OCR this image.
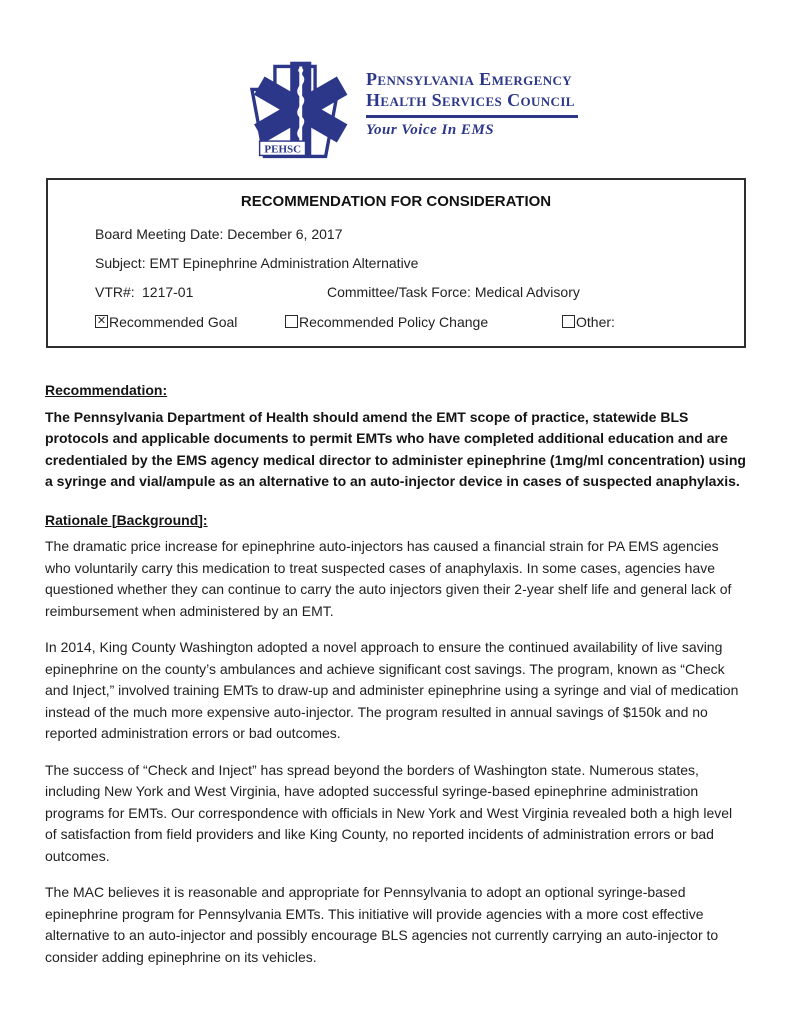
PEHSC
Pennsylvania Emergency
Health Services Council
Your Voice In EMS
RECOMMENDATION FOR CONSIDERATION
Board Meeting Date: December 6, 2017
Subject: EMT Epinephrine Administration Alternative
VTR#: 1217-01	Committee/Task Force: Medical Advisory
✕Recommended Goal	Recommended Policy Change	Other:
Recommendation:

The Pennsylvania Department of Health should amend the EMT scope of practice, statewide BLS protocols and applicable documents to permit EMTs who have completed additional education and are credentialed by the EMS agency medical director to administer epinephrine (1mg/ml concentration) using a syringe and vial/ampule as an alternative to an auto-injector device in cases of suspected anaphylaxis.

Rationale [Background]:

The dramatic price increase for epinephrine auto-injectors has caused a financial strain for PA EMS agencies who voluntarily carry this medication to treat suspected cases of anaphylaxis. In some cases, agencies have questioned whether they can continue to carry the auto injectors given their 2-year shelf life and general lack of reimbursement when administered by an EMT.

In 2014, King County Washington adopted a novel approach to ensure the continued availability of live saving epinephrine on the county’s ambulances and achieve significant cost savings. The program, known as “Check and Inject,” involved training EMTs to draw-up and administer epinephrine using a syringe and vial of medication instead of the much more expensive auto-injector. The program resulted in annual savings of $150k and no reported administration errors or bad outcomes.

The success of “Check and Inject” has spread beyond the borders of Washington state. Numerous states, including New York and West Virginia, have adopted successful syringe-based epinephrine administration programs for EMTs. Our correspondence with officials in New York and West Virginia revealed both a high level of satisfaction from field providers and like King County, no reported incidents of administration errors or bad outcomes.

The MAC believes it is reasonable and appropriate for Pennsylvania to adopt an optional syringe-based epinephrine program for Pennsylvania EMTs. This initiative will provide agencies with a more cost effective alternative to an auto-injector and possibly encourage BLS agencies not currently carrying an auto-injector to consider adding epinephrine on its vehicles.
